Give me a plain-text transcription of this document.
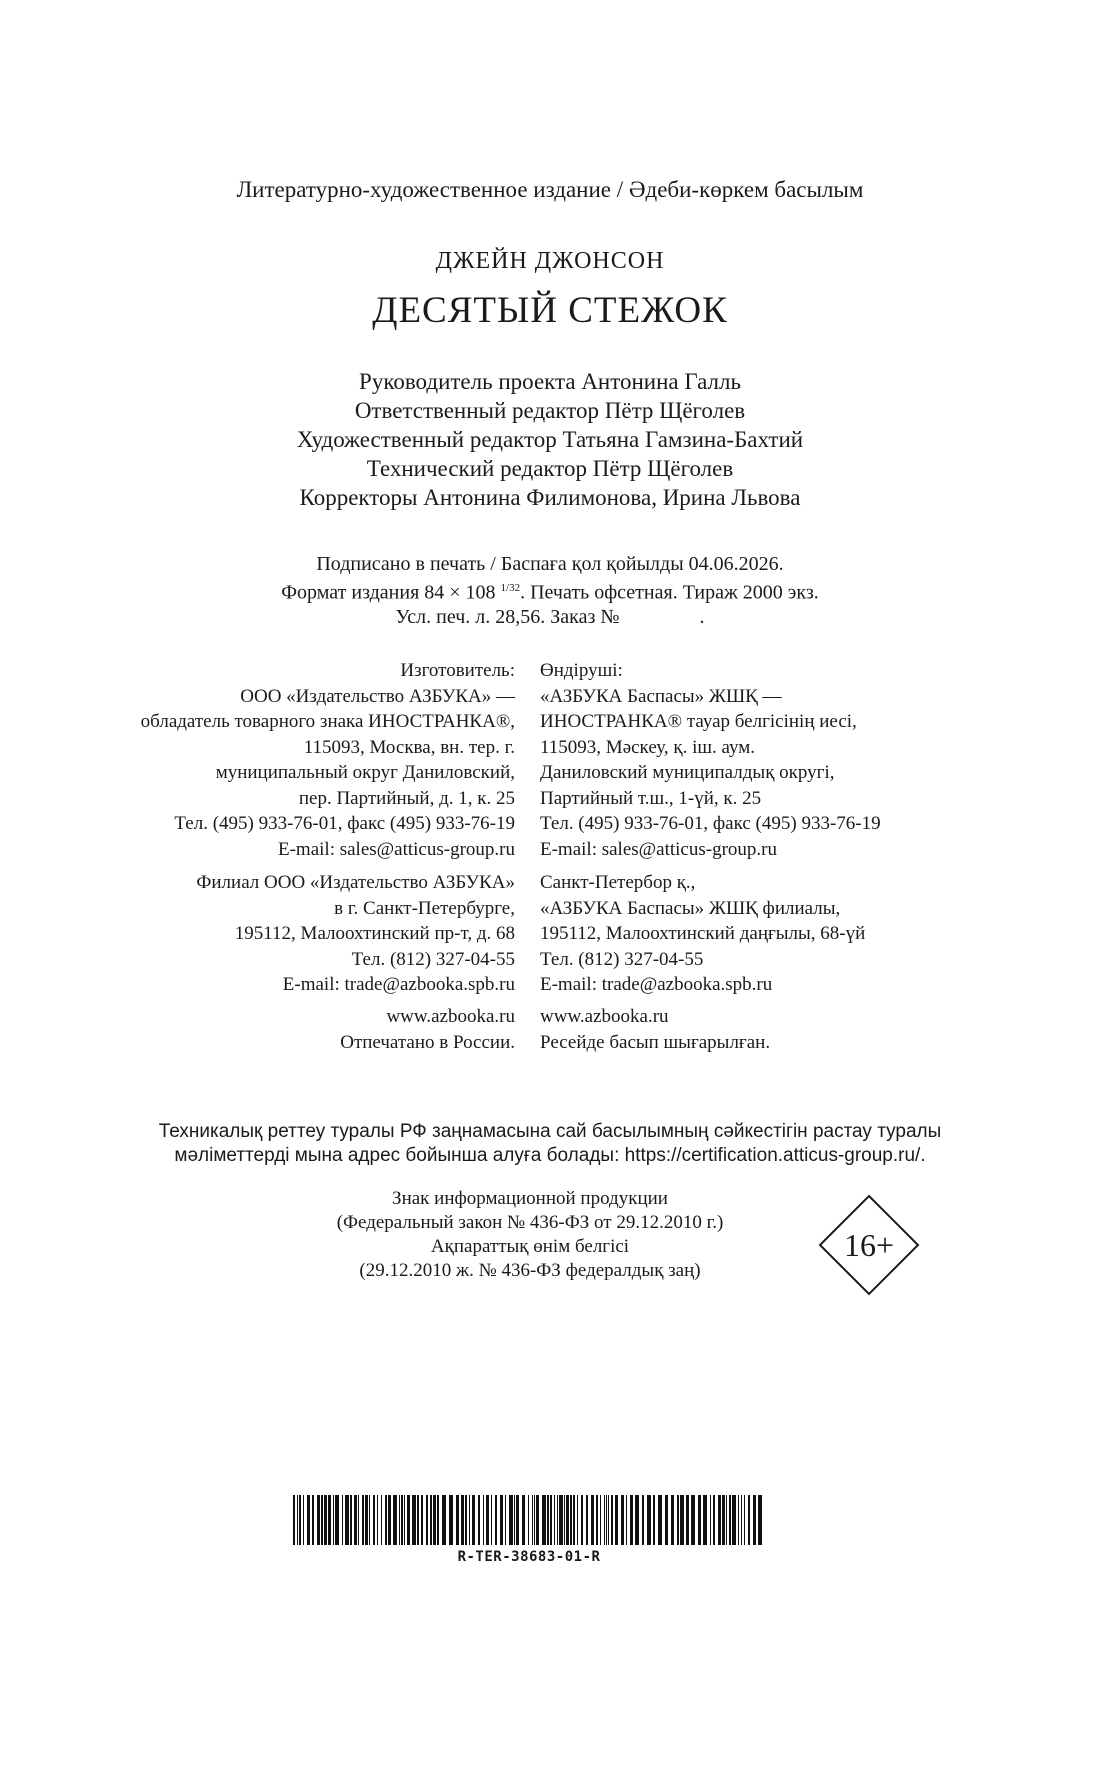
Литературно-художественное издание / Әдеби-көркем басылым
ДЖЕЙН ДЖОНСОН
ДЕСЯТЫЙ СТЕЖОК
Руководитель проекта Антонина Галль
Ответственный редактор Пётр Щёголев
Художественный редактор Татьяна Гамзина-Бахтий
Технический редактор Пётр Щёголев
Корректоры Антонина Филимонова, Ирина Львова
Подписано в печать / Баспаға қол қойылды 04.06.2026.
Формат издания 84 × 108 $^{1/32}$. Печать офсетная. Тираж 2000 экз.
Усл. печ. л. 28,56. Заказ №                .
Изготовитель:
ООО «Издательство АЗБУКА» —
обладатель товарного знака ИНОСТРАНКА®,
115093, Москва, вн. тер. г.
муниципальный округ Даниловский,
пер. Партийный, д. 1, к. 25
Тел. (495) 933-76-01, факс (495) 933-76-19
E-mail: sales@atticus-group.ru
Филиал ООО «Издательство АЗБУКА»
в г. Санкт-Петербурге,
195112, Малоохтинский пр-т, д. 68
Тел. (812) 327-04-55
E-mail: trade@azbooka.spb.ru
www.azbooka.ru
Отпечатано в России.
Өндіруші:
«АЗБУКА Баспасы» ЖШҚ —
ИНОСТРАНКА® тауар белгісінің иесі,
115093, Мәскеу, қ. іш. аум.
Даниловский муниципалдық округі,
Партийный т.ш., 1-үй, к. 25
Тел. (495) 933-76-01, факс (495) 933-76-19
E-mail: sales@atticus-group.ru
Санкт-Петербор қ.,
«АЗБУКА Баспасы» ЖШҚ филиалы,
195112, Малоохтинский даңғылы, 68-үй
Тел. (812) 327-04-55
E-mail: trade@azbooka.spb.ru
www.azbooka.ru
Ресейде басып шығарылған.
Техникалық реттеу туралы РФ заңнамасына сай басылымның сәйкестігін растау туралы
мәліметтерді мына адрес бойынша алуға болады: https://certification.atticus-group.ru/.
Знак информационной продукции
(Федеральный закон № 436-ФЗ от 29.12.2010 г.)
Ақпараттық өнім белгісі
(29.12.2010 ж. № 436-ФЗ федералдық заң)
16+
R-TER-38683-01-R
